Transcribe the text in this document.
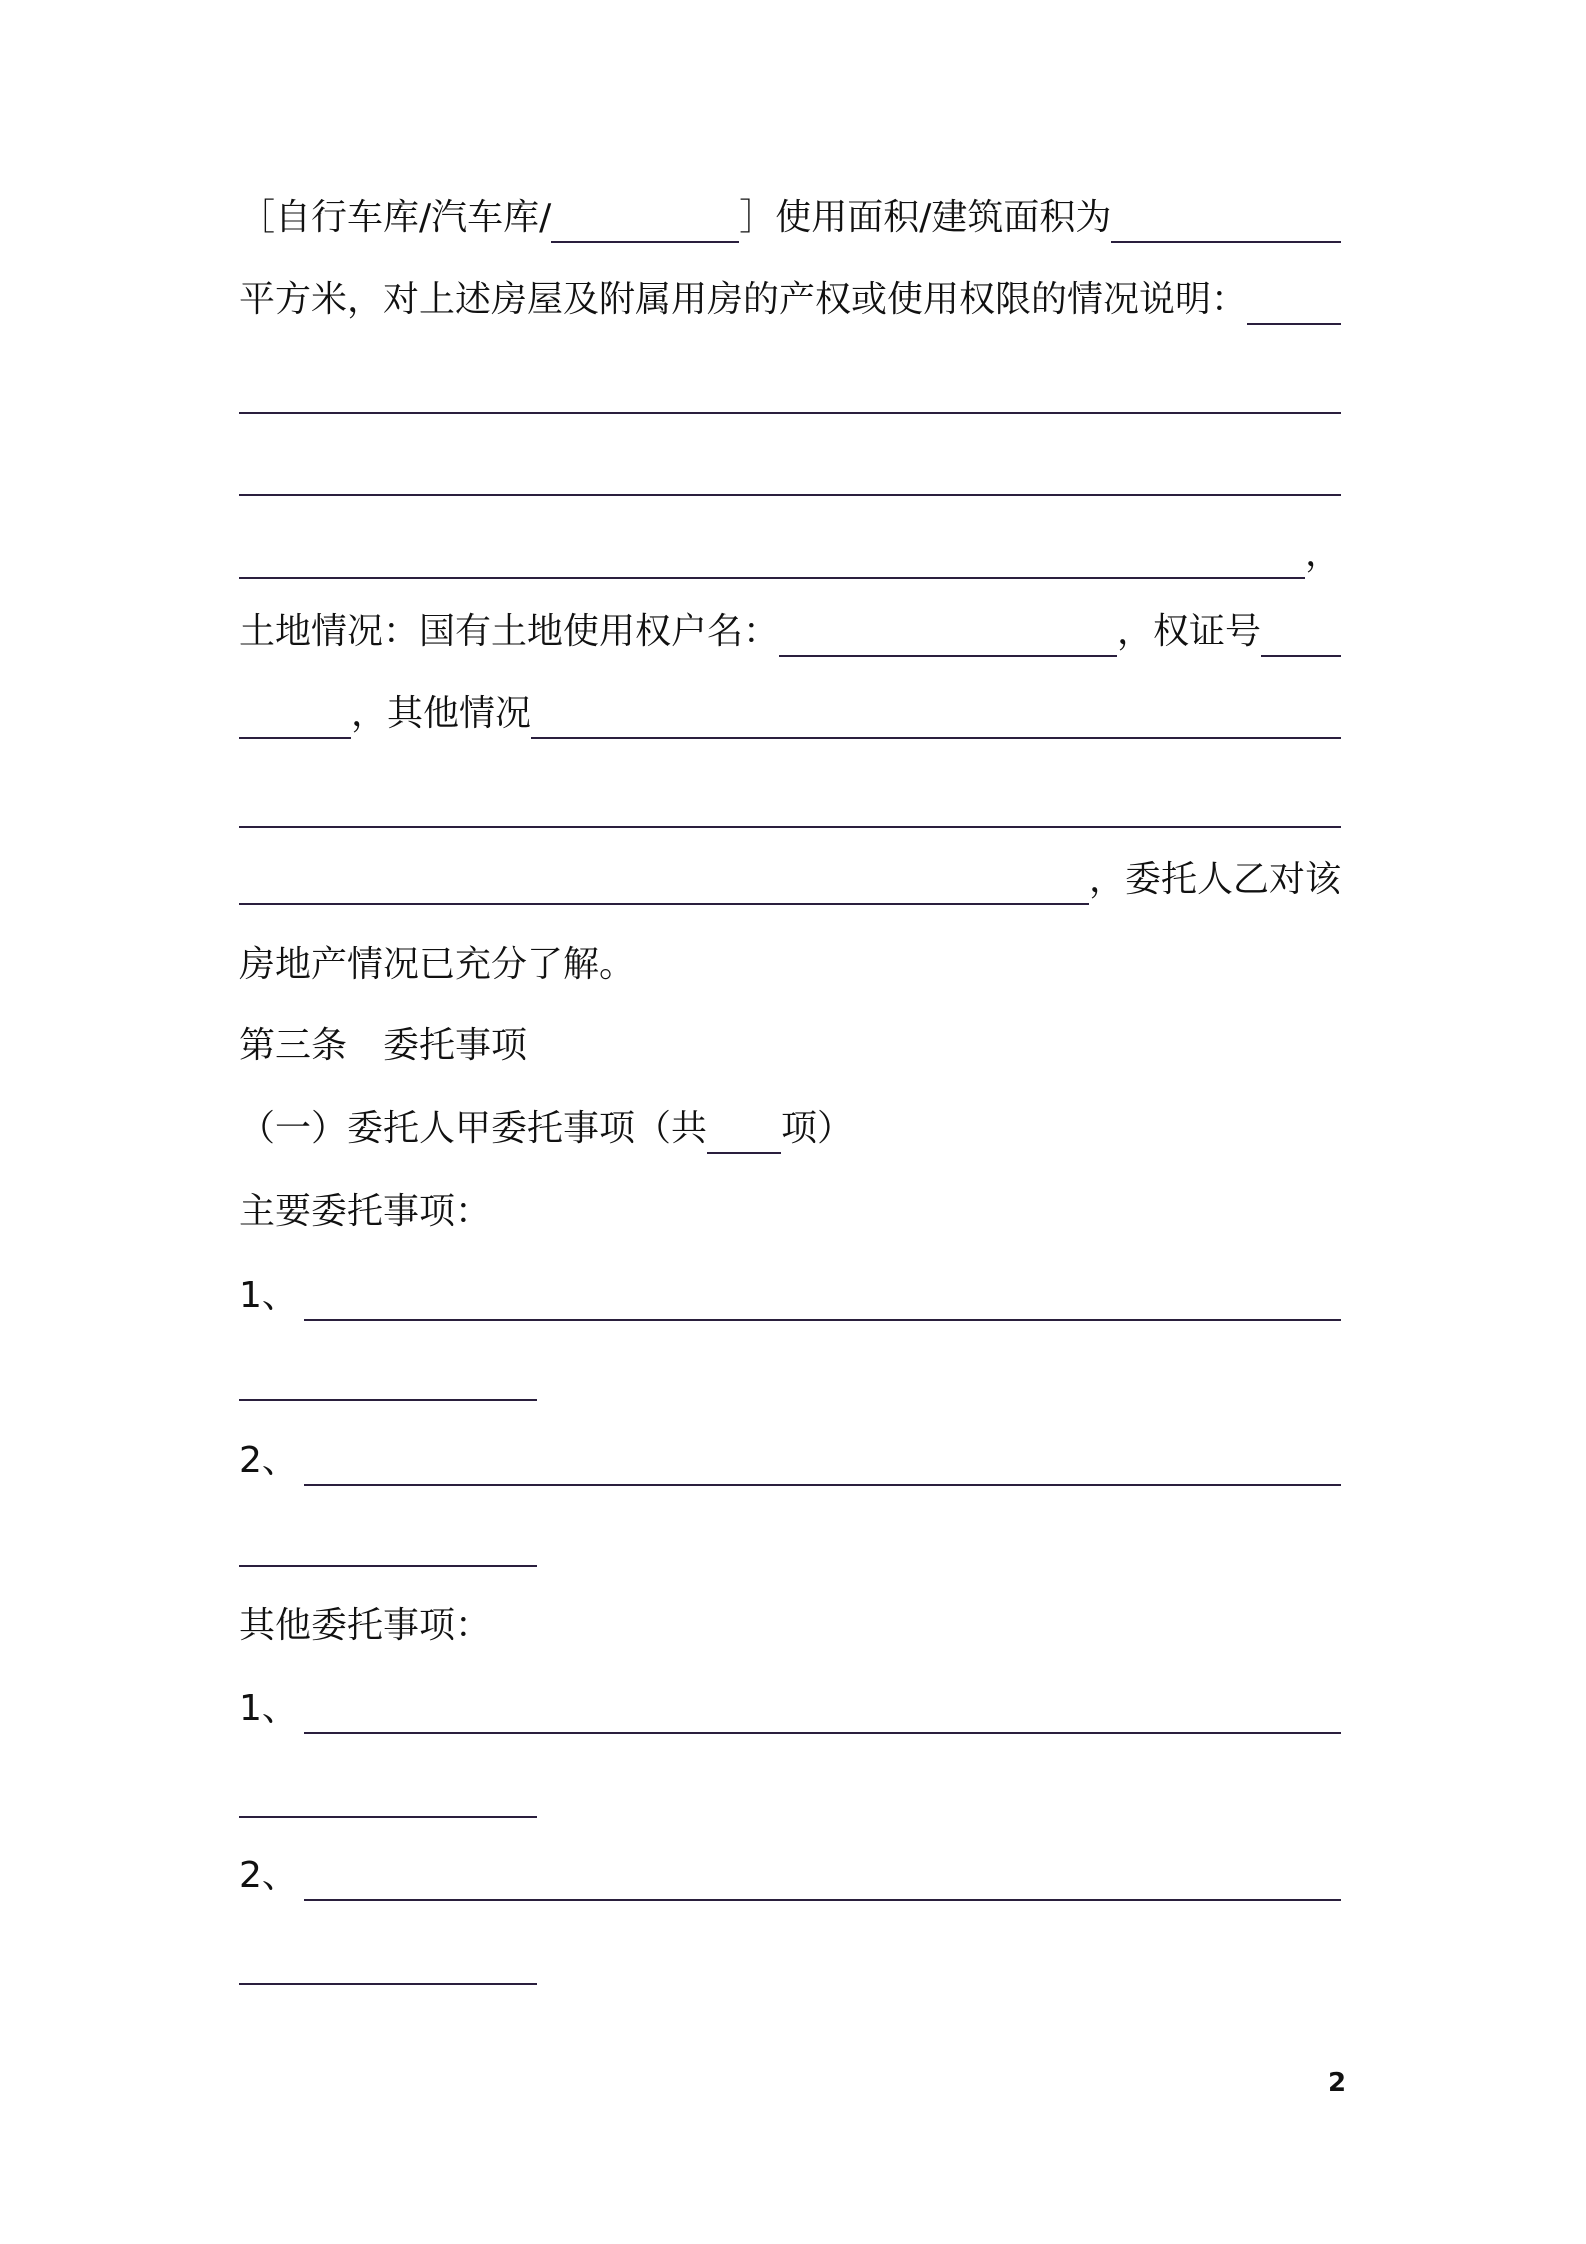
［自行车库/汽车库/	］使用面积/建筑面积为
平方米，对上述房屋及附属用房的产权或使用权限的情况说明：
，
土地情况：国有土地使用权户名：	，权证号
，其他情况
，委托人乙对该
房地产情况已充分了解。
第三条　委托事项
（一）委托人甲委托事项（共 项）
主要委托事项：
1、
2、
其他委托事项：
1、
2、
2
